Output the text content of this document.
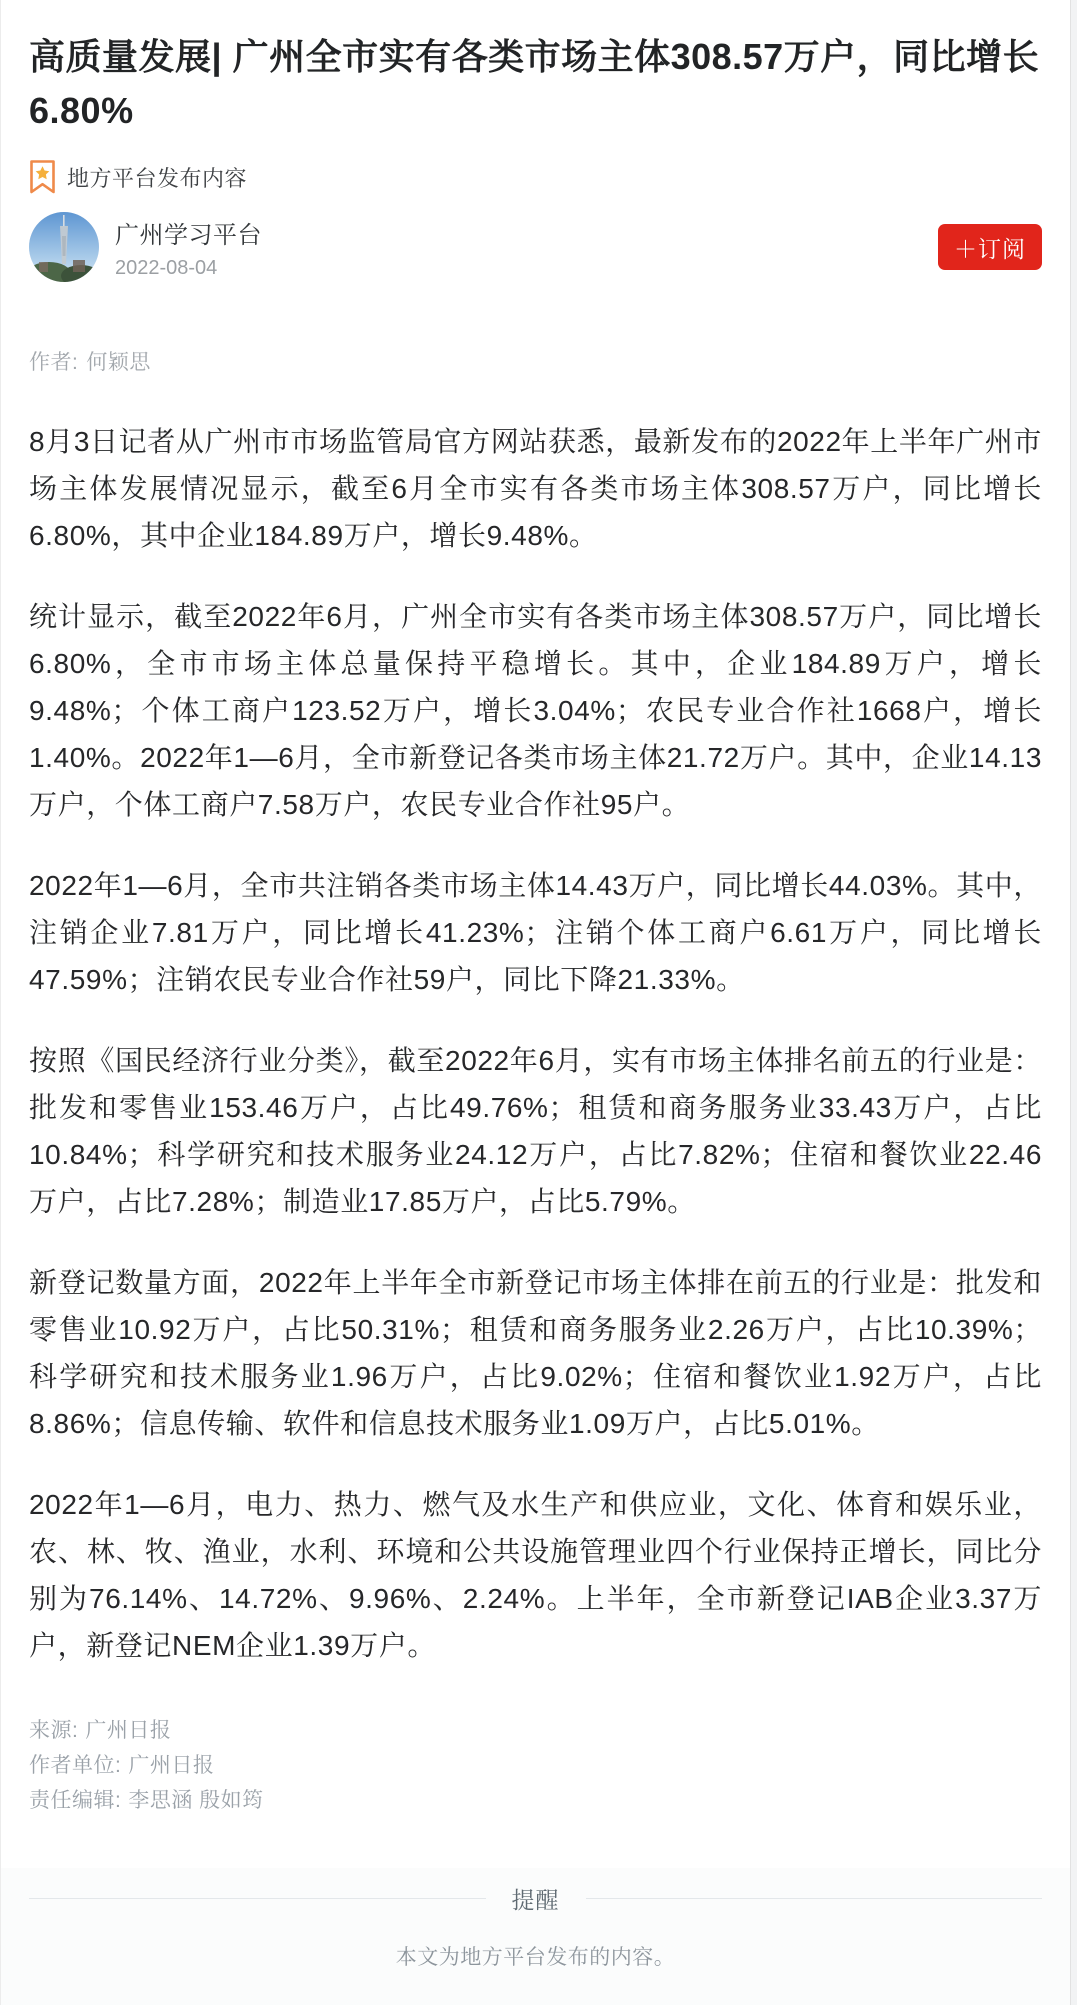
高质量发展| 广州全市实有各类市场主体308.57万户，同比增长6.80%
地方平台发布内容
广州学习平台
2022-08-04
＋订阅
作者: 何颖思

8月3日记者从广州市市场监管局官方网站获悉，最新发布的2022年上半年广州市场主体发展情况显示，截至6月全市实有各类市场主体308.57万户，同比增长6.80%，其中企业184.89万户，增长9.48%。

统计显示，截至2022年6月，广州全市实有各类市场主体308.57万户，同比增长6.80%，全市市场主体总量保持平稳增长。其中，企业184.89万户，增长9.48%；个体工商户123.52万户，增长3.04%；农民专业合作社1668户，增长1.40%。2022年1—6月，全市新登记各类市场主体21.72万户。其中，企业14.13万户，个体工商户7.58万户，农民专业合作社95户。

2022年1—6月，全市共注销各类市场主体14.43万户，同比增长44.03%。其中，注销企业7.81万户，同比增长41.23%；注销个体工商户6.61万户，同比增长47.59%；注销农民专业合作社59户，同比下降21.33%。

按照《国民经济行业分类》，截至2022年6月，实有市场主体排名前五的行业是：批发和零售业153.46万户，占比49.76%；租赁和商务服务业33.43万户，占比10.84%；科学研究和技术服务业24.12万户，占比7.82%；住宿和餐饮业22.46万户，占比7.28%；制造业17.85万户，占比5.79%。

新登记数量方面，2022年上半年全市新登记市场主体排在前五的行业是：批发和零售业10.92万户，占比50.31%；租赁和商务服务业2.26万户，占比10.39%；科学研究和技术服务业1.96万户，占比9.02%；住宿和餐饮业1.92万户，占比8.86%；信息传输、软件和信息技术服务业1.09万户，占比5.01%。

2022年1—6月，电力、热力、燃气及水生产和供应业，文化、体育和娱乐业，农、林、牧、渔业，水利、环境和公共设施管理业四个行业保持正增长，同比分别为76.14%、14.72%、9.96%、2.24%。上半年，全市新登记IAB企业3.37万户，新登记NEM企业1.39万户。

来源: 广州日报
作者单位: 广州日报
责任编辑: 李思涵 殷如筠
提醒
本文为地方平台发布的内容。
